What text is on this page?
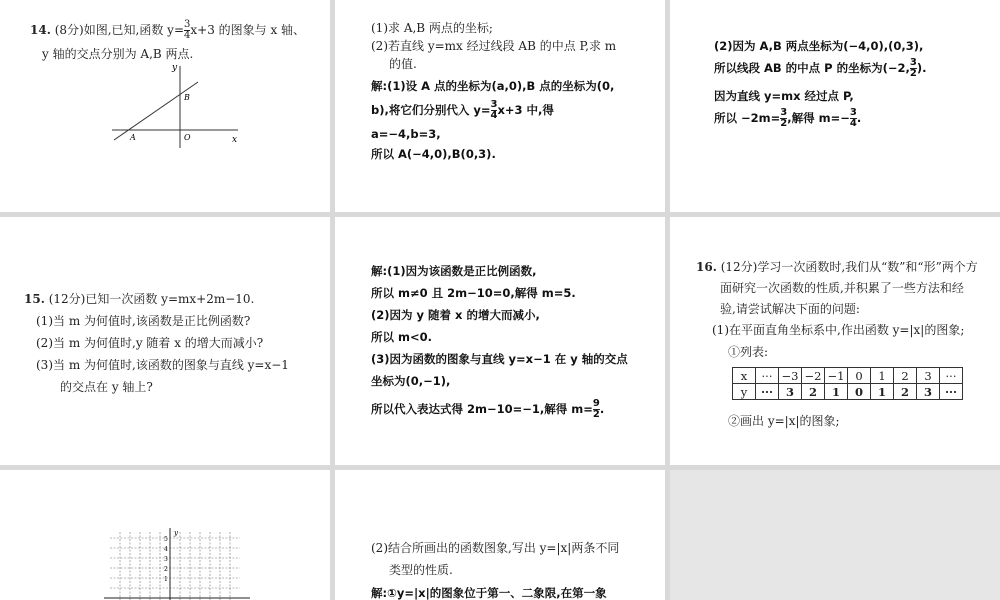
14. (8分)如图,已知,函数 $y= \frac{3}{4} x+3$ 的图象与 x 轴、
y 轴的交点分别为 A,B 两点.
y
x
A
B
O
(1)求 A,B 两点的坐标;
(2)若直线 y=mx 经过线段 AB 的中点 P,求 m
的值.
解:(1)设 A 点的坐标为(a,0),B 点的坐标为(0,
b),将它们分别代入 $y= \frac{3}{4} x+3$ 中,得
a=−4,b=3,
所以 A(−4,0),B(0,3).
(2)因为 A,B 两点坐标为(−4,0),(0,3),
所以线段 AB 的中点 P 的坐标为(−2, $\frac{3}{2}$ ).
因为直线 y=mx 经过点 P,
所以 $-2m= \frac{3}{2}$ ,解得 $m=- \frac{3}{4}$ .
15. (12分)已知一次函数 y=mx+2m−10.
(1)当 m 为何值时,该函数是正比例函数?
(2)当 m 为何值时,y 随着 x 的增大而减小?
(3)当 m 为何值时,该函数的图象与直线 y=x−1
的交点在 y 轴上?
解:(1)因为该函数是正比例函数,
所以 m≠0 且 2m−10=0,解得 m=5.
(2)因为 y 随着 x 的增大而减小,
所以 m<0.
(3)因为函数的图象与直线 y=x−1 在 y 轴的交点
坐标为(0,−1),
所以代入表达式得 2m−10=−1,解得 $m= \frac{9}{2}$ .
16. (12分)学习一次函数时,我们从“数”和“形”两个方
面研究一次函数的性质,并积累了一些方法和经
验,请尝试解决下面的问题:
(1)在平面直角坐标系中,作出函数 y=|x|的图象;
①列表:
x	···	−3	−2	−1	0	1	2	3	···
y	···	3	2	1	0	1	2	3	···
②画出 y=|x|的图象;
y
5
4
3
2
1
(2)结合所画出的函数图象,写出 y=|x|两条不同
类型的性质.
解:①y=|x|的图象位于第一、二象限,在第一象
